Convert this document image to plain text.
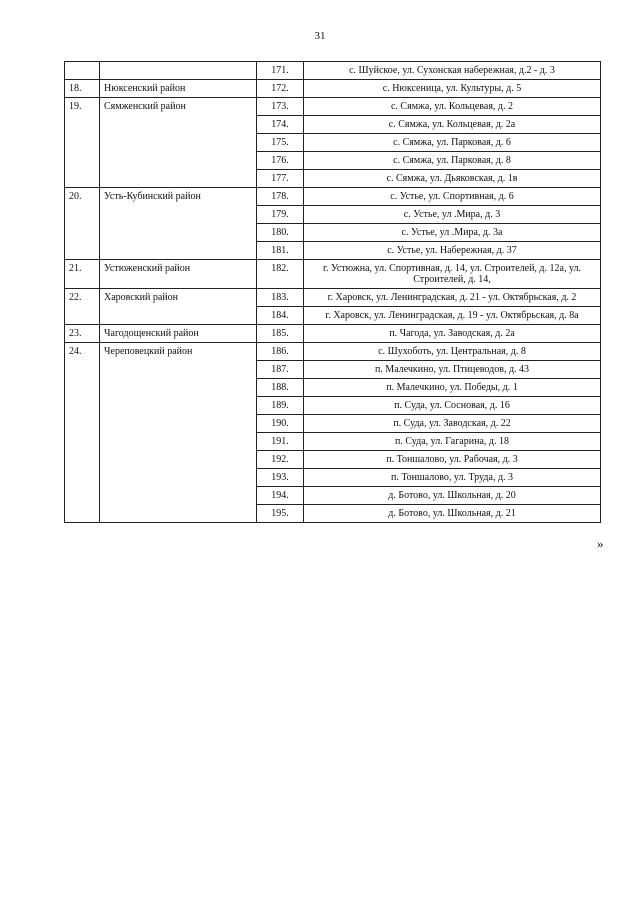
31
		171.	с. Шуйское, ул. Сухонская набережная, д.2 - д. 3
18.	Нюксенский район	172.	с. Нюксеница, ул. Культуры, д. 5
19.	Сямженский район	173.	с. Сямжа, ул. Кольцевая, д. 2
		174.	с. Сямжа, ул. Кольцевая, д. 2а
		175.	с. Сямжа, ул. Парковая, д. 6
		176.	с. Сямжа, ул. Парковая, д. 8
		177.	с. Сямжа, ул. Дьяковская, д. 1в
20.	Усть-Кубинский район	178.	с. Устье, ул. Спортивная, д. 6
		179.	с. Устье, ул .Мира, д. 3
		180.	с. Устье, ул .Мира, д. 3а
		181.	с. Устье, ул. Набережная, д. 37
21.	Устюженский район	182.	г. Устюжна, ул. Спортивная, д. 14, ул. Строителей, д. 12а, ул. Строителей, д. 14,
22.	Харовский район	183.	г. Харовск, ул. Ленинградская, д. 21 - ул. Октябрьская, д. 2
		184.	г. Харовск, ул. Ленинградская, д. 19 - ул. Октябрьская, д. 8а
23.	Чагодощенский район	185.	п. Чагода, ул. Заводская, д. 2а
24.	Череповецкий район	186.	с. Шухоботь, ул. Центральная, д. 8
		187.	п. Малечкино, ул. Птицеводов, д. 43
		188.	п. Малечкино, ул. Победы, д. 1
		189.	п. Суда, ул. Сосновая, д. 16
		190.	п. Суда, ул. Заводская, д. 22
		191.	п. Суда, ул. Гагарина, д. 18
		192.	п. Тоншалово, ул. Рабочая, д. 3
		193.	п. Тоншалово, ул. Труда, д. 3
		194.	д. Ботово, ул. Школьная, д. 20
		195.	д. Ботово, ул. Школьная, д. 21
»
